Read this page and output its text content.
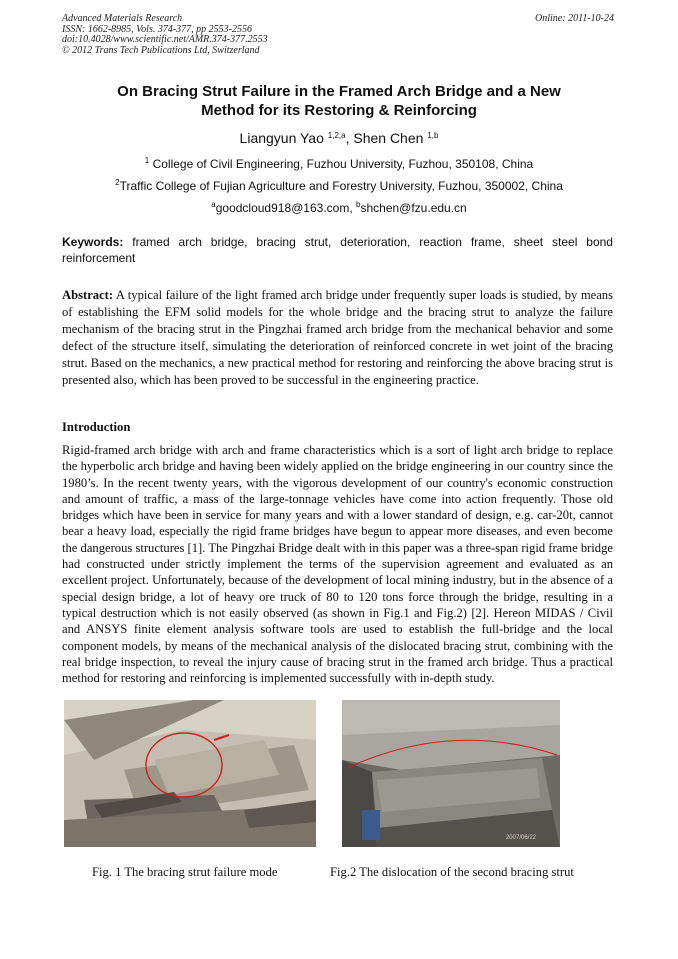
Advanced Materials Research
ISSN: 1662-8985, Vols. 374-377, pp 2553-2556
doi:10.4028/www.scientific.net/AMR.374-377.2553
© 2012 Trans Tech Publications Ltd, Switzerland
Online: 2011-10-24
On Bracing Strut Failure in the Framed Arch Bridge and a New
Method for its Restoring & Reinforcing
Liangyun Yao $^{1,2,a}$, Shen Chen $^{1,b}$
$^1$ College of Civil Engineering, Fuzhou University, Fuzhou, 350108, China
$^2$Traffic College of Fujian Agriculture and Forestry University, Fuzhou, 350002, China
$^a$goodcloud918@163.com, $^b$shchen@fzu.edu.cn
Keywords: framed arch bridge, bracing strut, deterioration, reaction frame, sheet steel bond reinforcement
Abstract: A typical failure of the light framed arch bridge under frequently super loads is studied, by means of establishing the EFM solid models for the whole bridge and the bracing strut to analyze the failure mechanism of the bracing strut in the Pingzhai framed arch bridge from the mechanical behavior and some defect of the structure itself, simulating the deterioration of reinforced concrete in wet joint of the bracing strut. Based on the mechanics, a new practical method for restoring and reinforcing the above bracing strut is presented also, which has been proved to be successful in the engineering practice.
Introduction
Rigid-framed arch bridge with arch and frame characteristics which is a sort of light arch bridge to replace the hyperbolic arch bridge and having been widely applied on the bridge engineering in our country since the 1980’s. In the recent twenty years, with the vigorous development of our country's economic construction and amount of traffic, a mass of the large-tonnage vehicles have come into action frequently. Those old bridges which have been in service for many years and with a lower standard of design, e.g. car-20t, cannot bear a heavy load, especially the rigid frame bridges have begun to appear more diseases, and even become the dangerous structures [1]. The Pingzhai Bridge dealt with in this paper was a three-span rigid frame bridge had constructed under strictly implement the terms of the supervision agreement and evaluated as an excellent project. Unfortunately, because of the development of local mining industry, but in the absence of a special design bridge, a lot of heavy ore truck of 80 to 120 tons force through the bridge, resulting in a typical destruction which is not easily observed (as shown in Fig.1 and Fig.2) [2]. Hereon MIDAS / Civil and ANSYS finite element analysis software tools are used to establish the full-bridge and the local component models, by means of the mechanical analysis of the dislocated bracing strut, combining with the real bridge inspection, to reveal the injury cause of bracing strut in the framed arch bridge. Thus a practical method for restoring and reinforcing is implemented successfully with in-depth study.
2007/06/22
Fig. 1 The bracing strut failure mode	Fig.2 The dislocation of the second bracing strut
